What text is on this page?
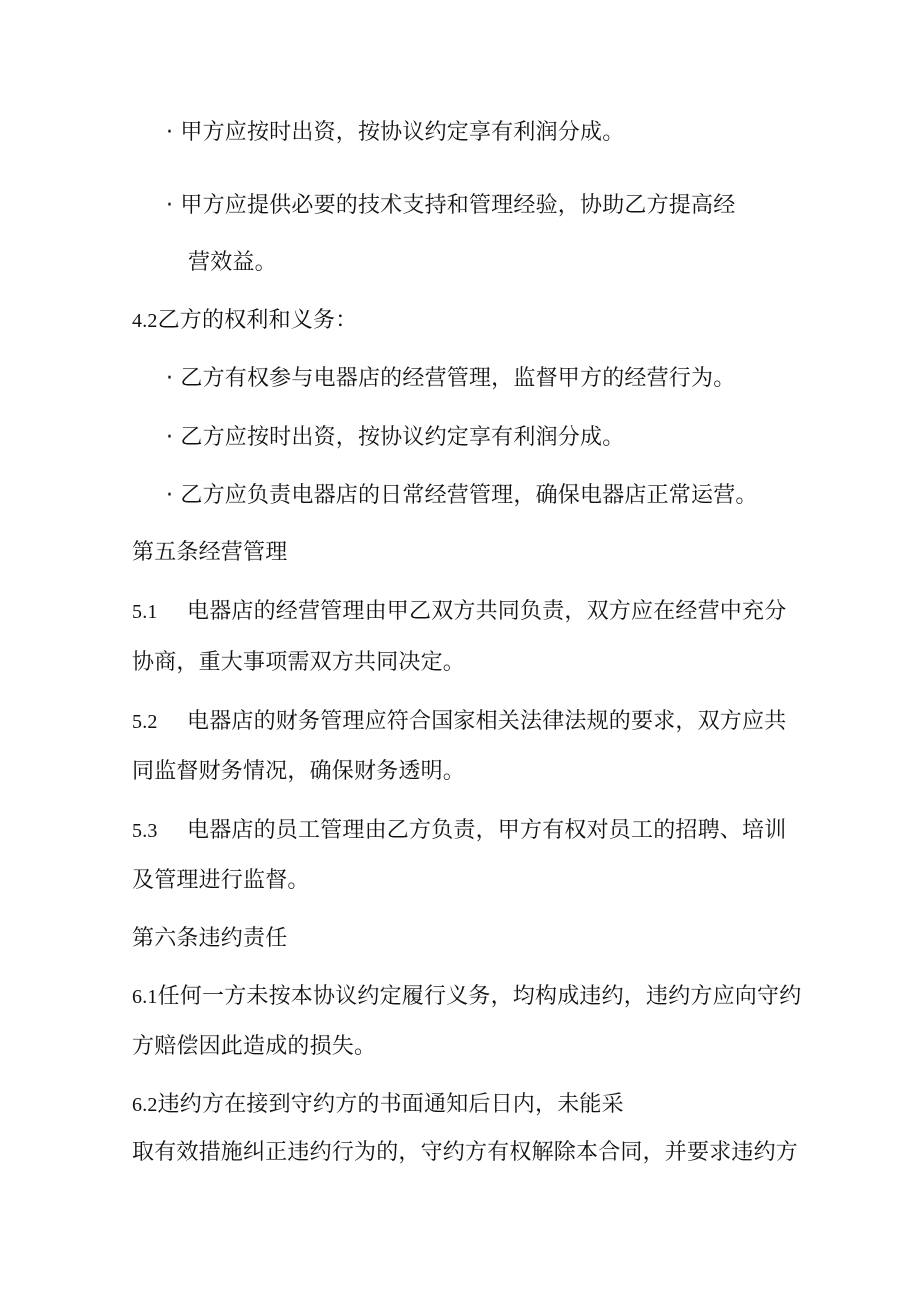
· 甲方应按时出资，按协议约定享有利润分成。
· 甲方应提供必要的技术支持和管理经验，协助乙方提高经
营效益。
4.2乙方的权利和义务：
· 乙方有权参与电器店的经营管理，监督甲方的经营行为。
· 乙方应按时出资，按协议约定享有利润分成。
· 乙方应负责电器店的日常经营管理，确保电器店正常运营。
第五条经营管理
5.1 电器店的经营管理由甲乙双方共同负责，双方应在经营中充分
协商，重大事项需双方共同决定。
5.2 电器店的财务管理应符合国家相关法律法规的要求，双方应共
同监督财务情况，确保财务透明。
5.3 电器店的员工管理由乙方负责，甲方有权对员工的招聘、培训
及管理进行监督。
第六条违约责任
6.1任何一方未按本协议约定履行义务，均构成违约，违约方应向守约
方赔偿因此造成的损失。
6.2违约方在接到守约方的书面通知后日内，未能采
取有效措施纠正违约行为的，守约方有权解除本合同，并要求违约方
